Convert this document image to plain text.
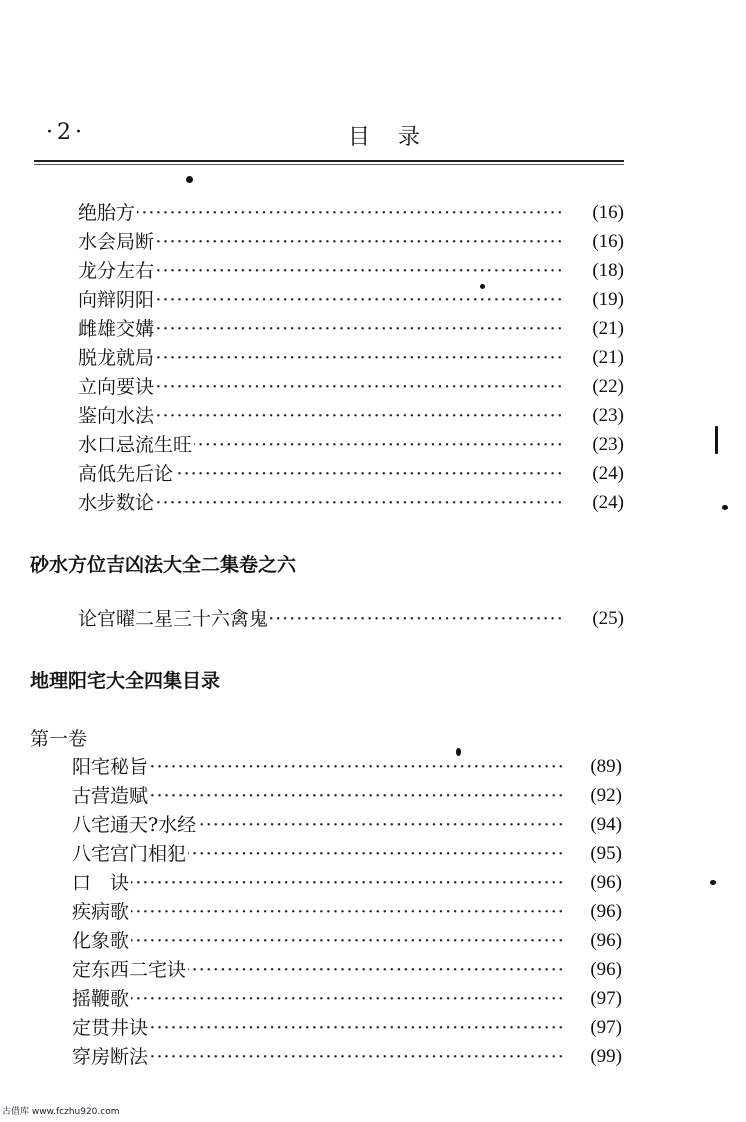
·2·	目录
·····
绝胎方	(16)
·····
水会局断	(16)
·····
龙分左右	(18)
·····
向辩阴阳	(19)
·····
雌雄交媾	(21)
·····
脱龙就局	(21)
·····
立向要诀	(22)
·····
鉴向水法	(23)
·····
水口忌流生旺	(23)
·····
高低先后论	(24)
·····
水步数论	(24)
砂水方位吉凶法大全二集卷之六
·····
论官曜二星三十六禽鬼	(25)
地理阳宅大全四集目录
第一卷
·····
阳宅秘旨	(89)
·····
古营造赋	(92)
·····
八宅通天?水经	(94)
·····
八宅宫门相犯	(95)
·····
口　诀	(96)
·····
疾病歌	(96)
·····
化象歌	(96)
·····
定东西二宅诀	(96)
·····
摇鞭歌	(97)
·····
定贯井诀	(97)
·····
穿房断法	(99)
古借库 www.fczhu920.com
